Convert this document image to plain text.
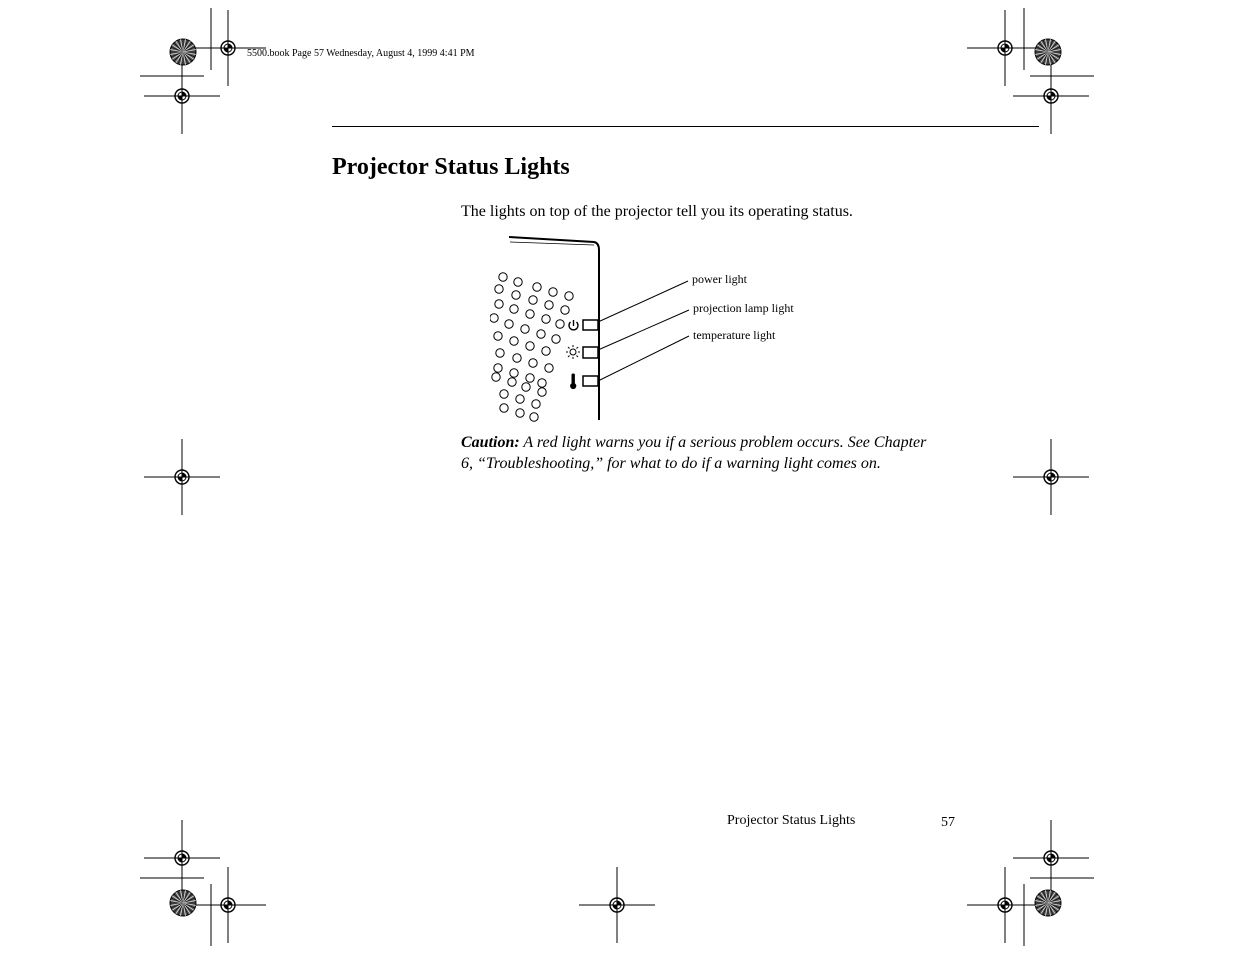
5500.book Page 57 Wednesday, August 4, 1999 4:41 PM
Projector Status Lights

The lights on top of the projector tell you its operating status.

power light
projection lamp light
temperature light

Caution: A red light warns you if a serious problem occurs. See Chapter 6, “Troubleshooting,” for what to do if a warning light comes on.

Projector Status Lights	57
